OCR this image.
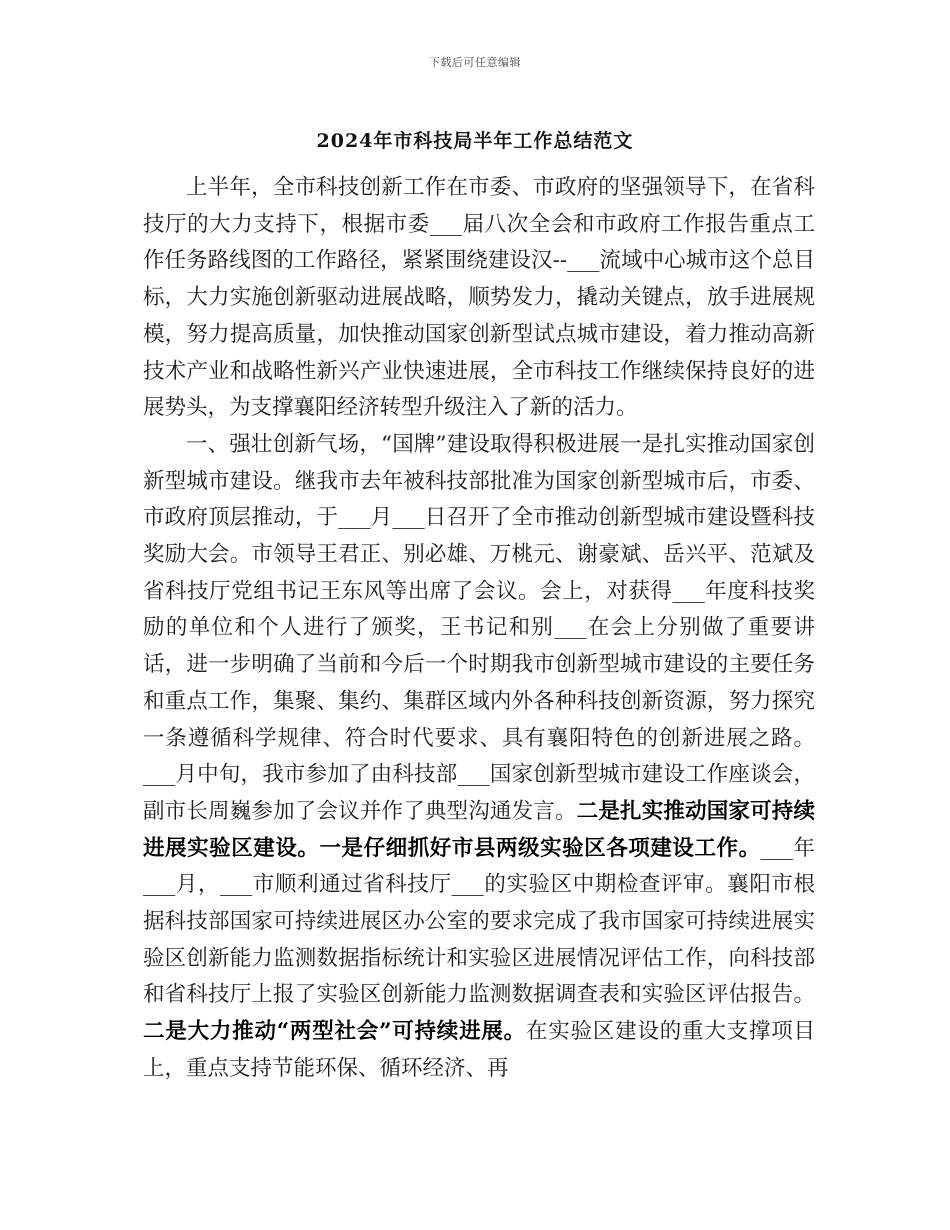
下载后可任意编辑
2024年市科技局半年工作总结范文

上半年，全市科技创新工作在市委、市政府的坚强领导下，在省科技厅的大力支持下，根据市委___届八次全会和市政府工作报告重点工作任务路线图的工作路径，紧紧围绕建设汉--___流域中心城市这个总目标，大力实施创新驱动进展战略，顺势发力，撬动关键点，放手进展规模，努力提高质量，加快推动国家创新型试点城市建设，着力推动高新技术产业和战略性新兴产业快速进展，全市科技工作继续保持良好的进展势头，为支撑襄阳经济转型升级注入了新的活力。

一、强壮创新气场，“国牌”建设取得积极进展一是扎实推动国家创新型城市建设。继我市去年被科技部批准为国家创新型城市后，市委、市政府顶层推动，于___月___日召开了全市推动创新型城市建设暨科技奖励大会。市领导王君正、别必雄、万桃元、谢豪斌、岳兴平、范斌及省科技厅党组书记王东风等出席了会议。会上，对获得___年度科技奖励的单位和个人进行了颁奖，王书记和别___在会上分别做了重要讲话，进一步明确了当前和今后一个时期我市创新型城市建设的主要任务和重点工作，集聚、集约、集群区域内外各种科技创新资源，努力探究一条遵循科学规律、符合时代要求、具有襄阳特色的创新进展之路。___月中旬，我市参加了由科技部___国家创新型城市建设工作座谈会，副市长周巍参加了会议并作了典型沟通发言。二是扎实推动国家可持续进展实验区建设。一是仔细抓好市县两级实验区各项建设工作。___年___月，___市顺利通过省科技厅___的实验区中期检查评审。襄阳市根据科技部国家可持续进展区办公室的要求完成了我市国家可持续进展实验区创新能力监测数据指标统计和实验区进展情况评估工作，向科技部和省科技厅上报了实验区创新能力监测数据调查表和实验区评估报告。二是大力推动“两型社会”可持续进展。在实验区建设的重大支撑项目上，重点支持节能环保、循环经济、再
